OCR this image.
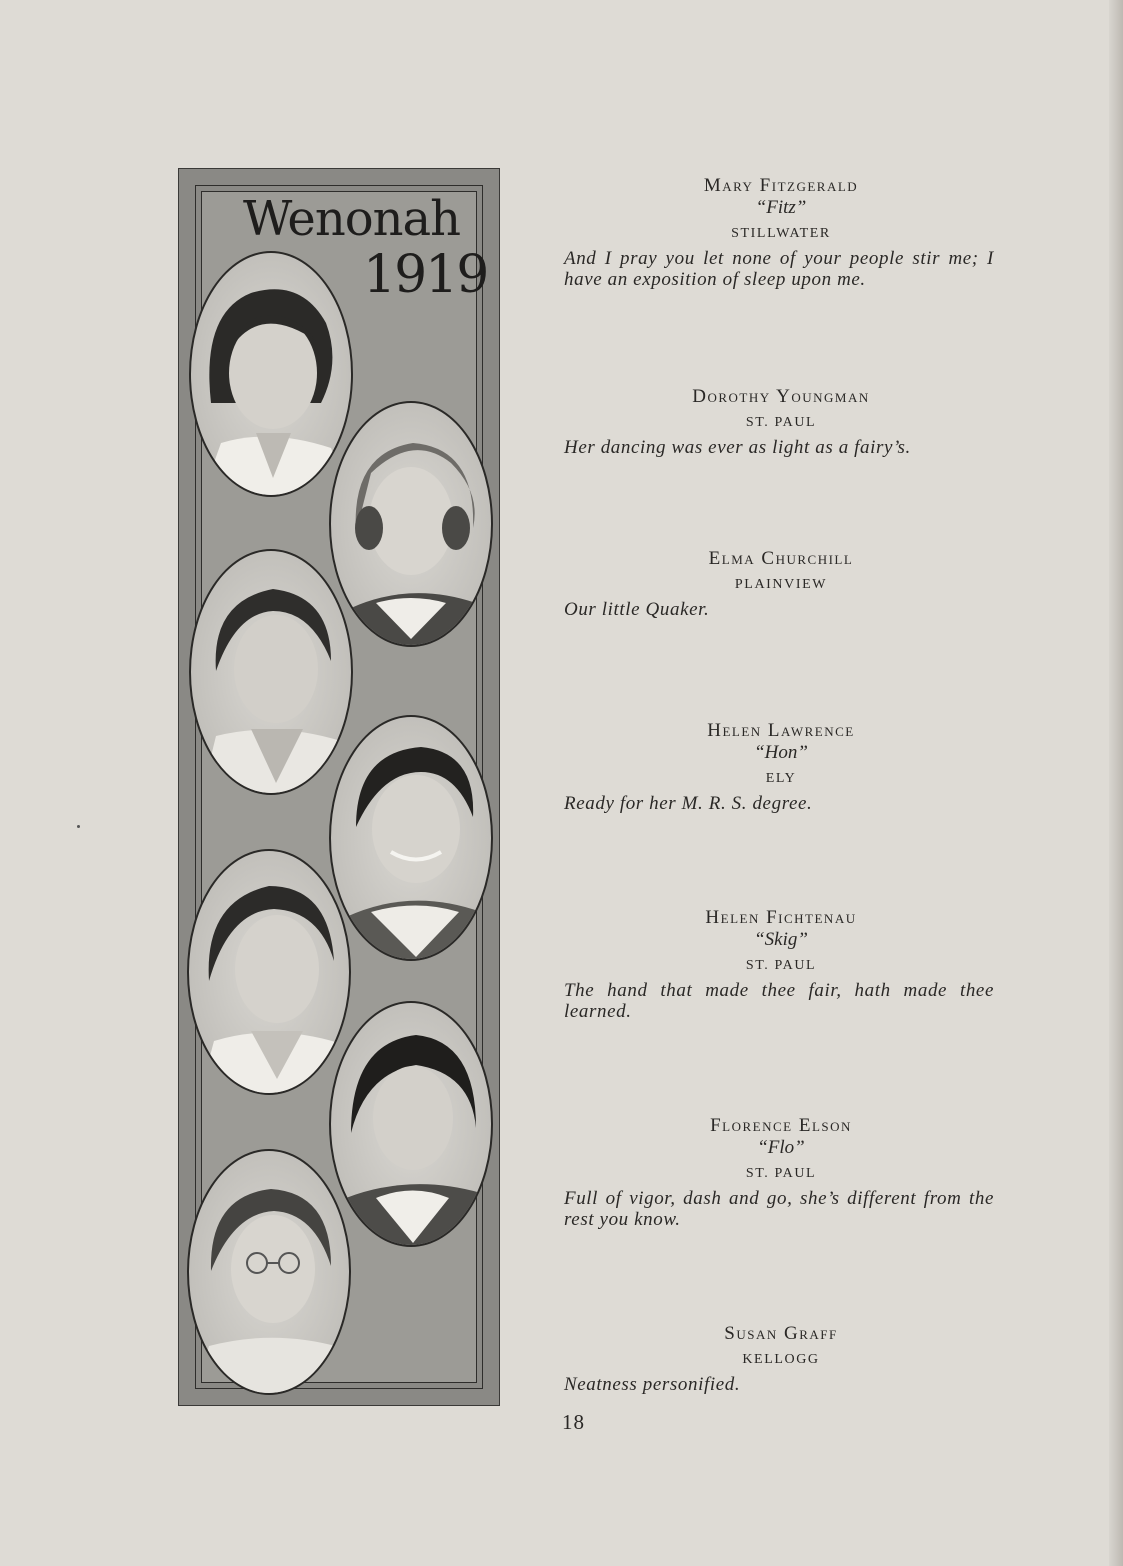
Wenonah
1919
Mary Fitzgerald
“Fitz”
STILLWATER
And I pray you let none of your people stir me; I have an exposition of sleep upon me.
Dorothy Youngman
ST. PAUL
Her dancing was ever as light as a fairy’s.
Elma Churchill
PLAINVIEW
Our little Quaker.
Helen Lawrence
“Hon”
ELY
Ready for her M. R. S. degree.
Helen Fichtenau
“Skig”
ST. PAUL
The hand that made thee fair, hath made thee learned.
Florence Elson
“Flo”
ST. PAUL
Full of vigor, dash and go, she’s different from the rest you know.
Susan Graff
KELLOGG
Neatness personified.
18
